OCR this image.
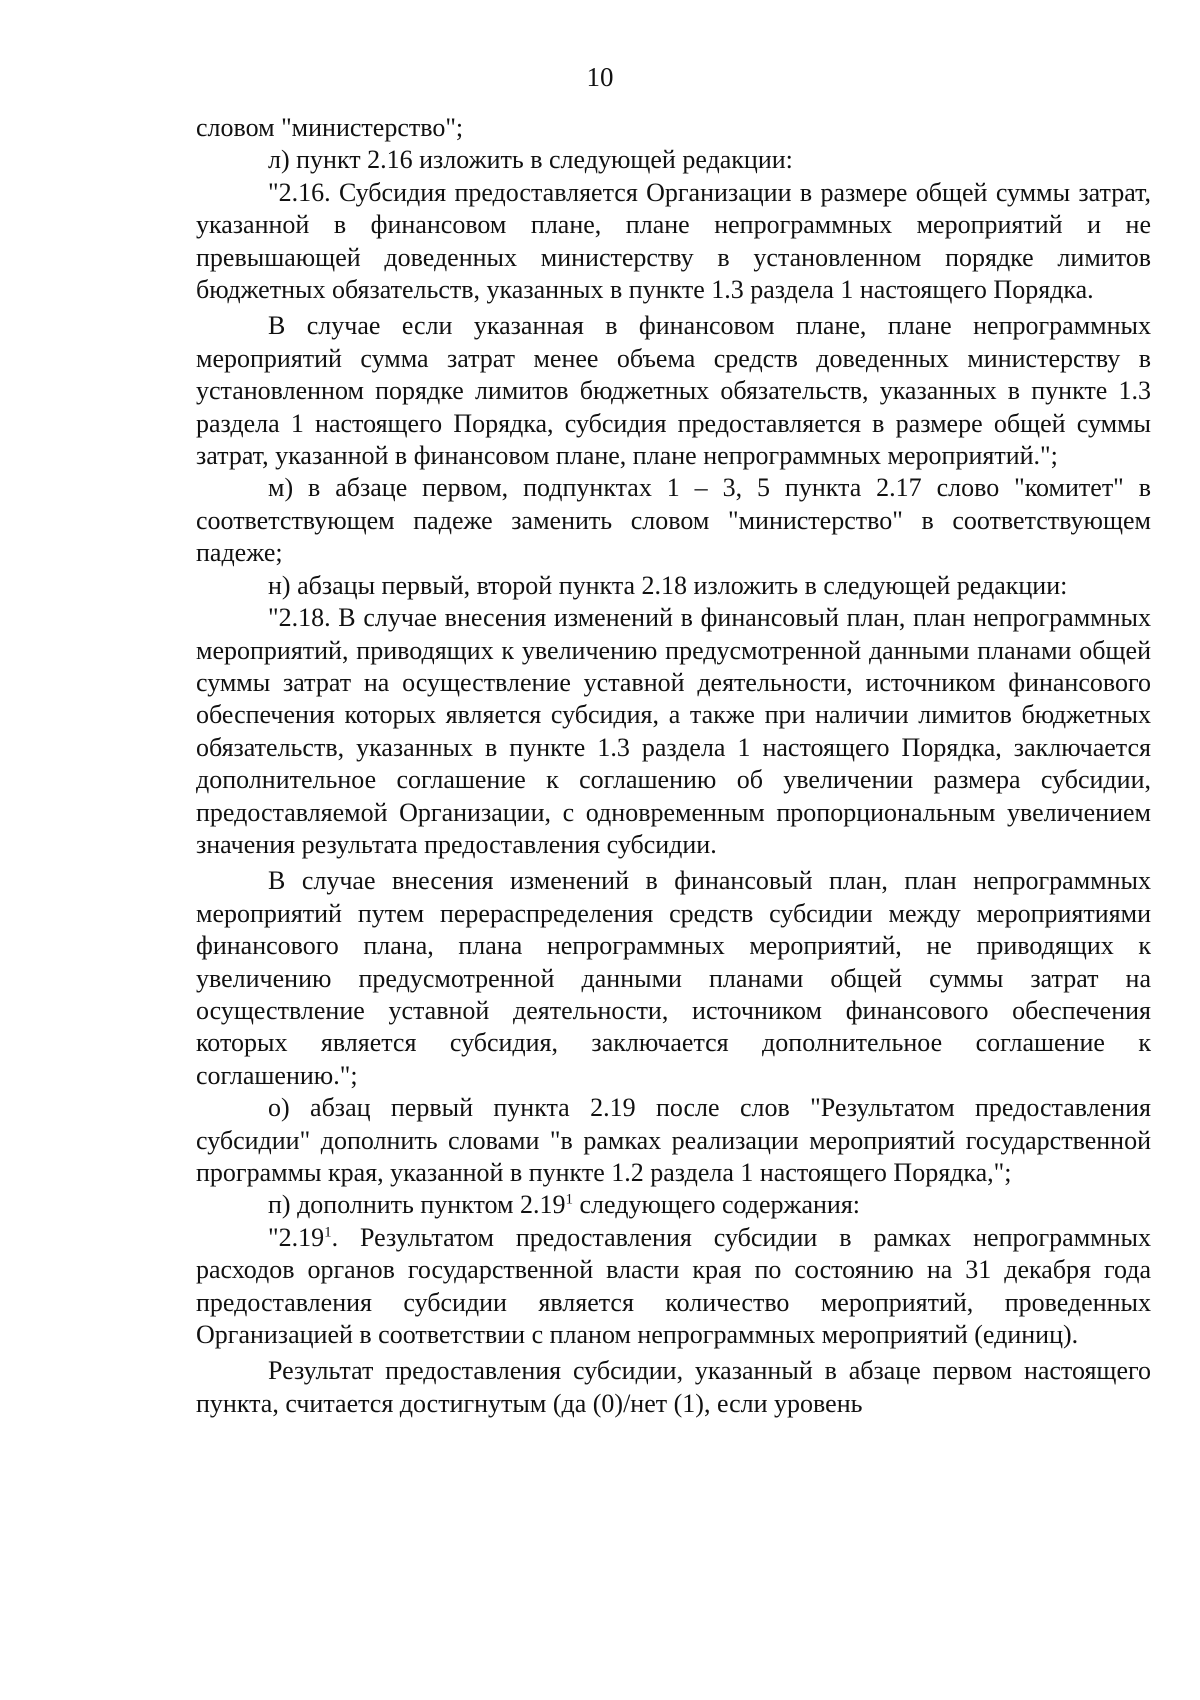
10

словом "министерство";

л) пункт 2.16 изложить в следующей редакции:

"2.16. Субсидия предоставляется Организации в размере общей суммы затрат, указанной в финансовом плане, плане непрограммных мероприятий и не превышающей доведенных министерству в установленном порядке лимитов бюджетных обязательств, указанных в пункте 1.3 раздела 1 настоящего Порядка.

В случае если указанная в финансовом плане, плане непрограммных мероприятий сумма затрат менее объема средств доведенных министерству в установленном порядке лимитов бюджетных обязательств, указанных в пункте 1.3 раздела 1 настоящего Порядка, субсидия предоставляется в размере общей суммы затрат, указанной в финансовом плане, плане непрограммных мероприятий.";

м) в абзаце первом, подпунктах 1 – 3, 5 пункта 2.17 слово "комитет" в соответствующем падеже заменить словом "министерство" в соответствующем падеже;

н) абзацы первый, второй пункта 2.18 изложить в следующей редакции:

"2.18. В случае внесения изменений в финансовый план, план непрограммных мероприятий, приводящих к увеличению предусмотренной данными планами общей суммы затрат на осуществление уставной деятельности, источником финансового обеспечения которых является субсидия, а также при наличии лимитов бюджетных обязательств, указанных в пункте 1.3 раздела 1 настоящего Порядка, заключается дополнительное соглашение к соглашению об увеличении размера субсидии, предоставляемой Организации, с одновременным пропорциональным увеличением значения результата предоставления субсидии.

В случае внесения изменений в финансовый план, план непрограммных мероприятий путем перераспределения средств субсидии между мероприятиями финансового плана, плана непрограммных мероприятий, не приводящих к увеличению предусмотренной данными планами общей суммы затрат на осуществление уставной деятельности, источником финансового обеспечения которых является субсидия, заключается дополнительное соглашение к соглашению.";

о) абзац первый пункта 2.19 после слов "Результатом предоставления субсидии" дополнить словами "в рамках реализации мероприятий государственной программы края, указанной в пункте 1.2 раздела 1 настоящего Порядка,";

п) дополнить пунктом 2.19$^1$ следующего содержания:

"2.19$^1$. Результатом предоставления субсидии в рамках непрограммных расходов органов государственной власти края по состоянию на 31 декабря года предоставления субсидии является количество мероприятий, проведенных Организацией в соответствии с планом непрограммных мероприятий (единиц).

Результат предоставления субсидии, указанный в абзаце первом настоящего пункта, считается достигнутым (да (0)/нет (1), если уровень
